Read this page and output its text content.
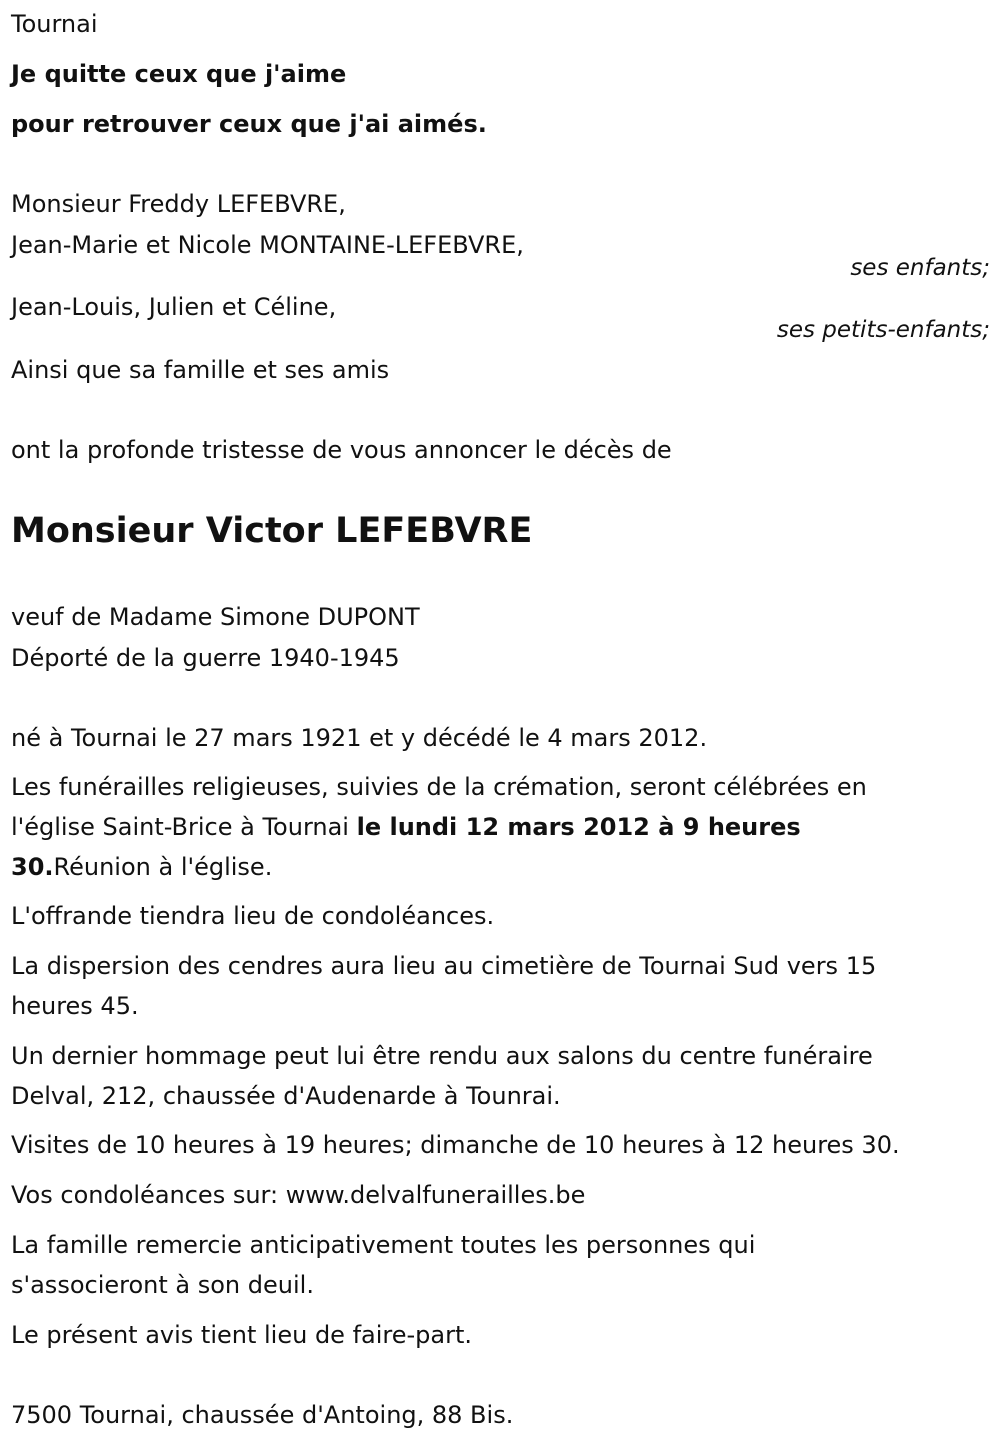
Tournai

Je quitte ceux que j'aime

pour retrouver ceux que j'ai aimés.

Monsieur Freddy LEFEBVRE,

Jean-Marie et Nicole MONTAINE-LEFEBVRE,

ses enfants;

Jean-Louis, Julien et Céline,

ses petits-enfants;

Ainsi que sa famille et ses amis

ont la profonde tristesse de vous annoncer le décès de

Monsieur Victor LEFEBVRE

veuf de Madame Simone DUPONT

Déporté de la guerre 1940-1945

né à Tournai le 27 mars 1921 et y décédé le 4 mars 2012.

Les funérailles religieuses, suivies de la crémation, seront célébrées en

l'église Saint-Brice à Tournai le lundi 12 mars 2012 à 9 heures

30.Réunion à l'église.

L'offrande tiendra lieu de condoléances.

La dispersion des cendres aura lieu au cimetière de Tournai Sud vers 15

heures 45.

Un dernier hommage peut lui être rendu aux salons du centre funéraire

Delval, 212, chaussée d'Audenarde à Tounrai.

Visites de 10 heures à 19 heures; dimanche de 10 heures à 12 heures 30.

Vos condoléances sur: www.delvalfunerailles.be

La famille remercie anticipativement toutes les personnes qui

s'associeront à son deuil.

Le présent avis tient lieu de faire-part.

7500 Tournai, chaussée d'Antoing, 88 Bis.
